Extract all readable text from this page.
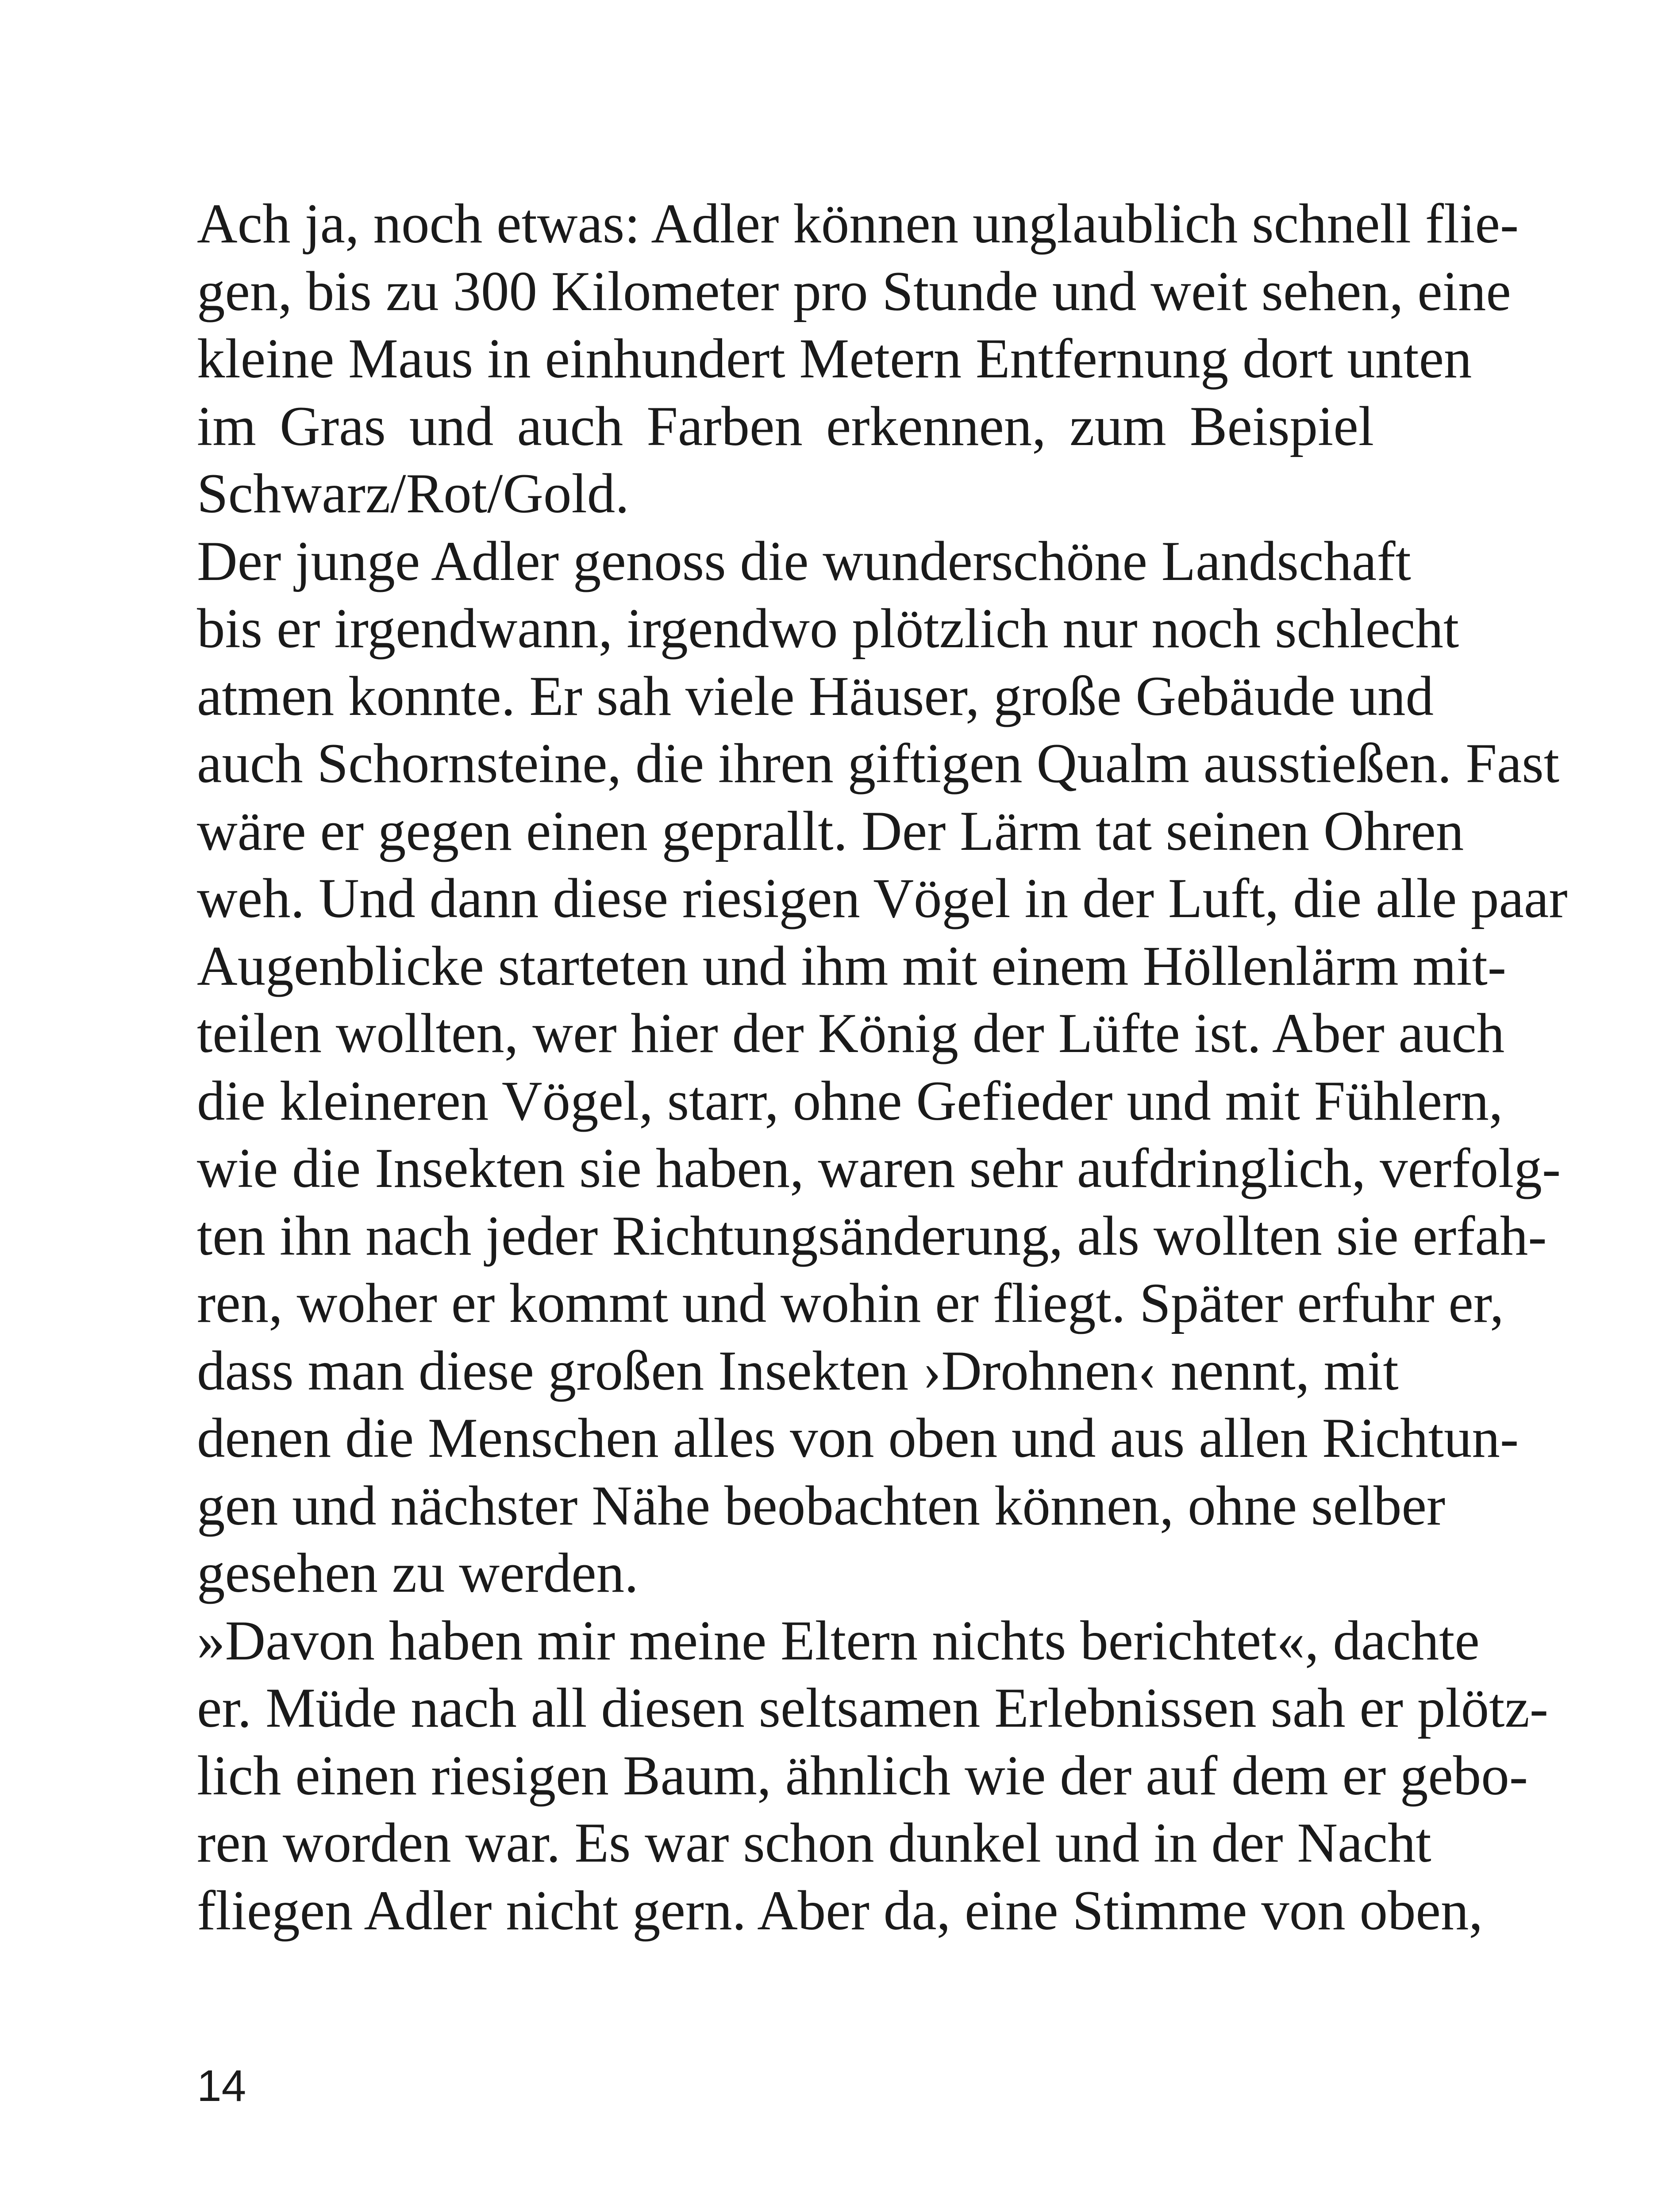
Ach ja, noch etwas: Adler können unglaublich schnell flie-
gen, bis zu 300 Kilometer pro Stunde und weit sehen, eine
kleine Maus in einhundert Metern Entfernung dort unten
im Gras und auch Farben erkennen, zum Beispiel
Schwarz/Rot/Gold.
Der junge Adler genoss die wunderschöne Landschaft
bis er irgendwann, irgendwo plötzlich nur noch schlecht
atmen konnte. Er sah viele Häuser, große Gebäude und
auch Schornsteine, die ihren giftigen Qualm ausstießen. Fast
wäre er gegen einen geprallt. Der Lärm tat seinen Ohren
weh. Und dann diese riesigen Vögel in der Luft, die alle paar
Augenblicke starteten und ihm mit einem Höllenlärm mit-
teilen wollten, wer hier der König der Lüfte ist. Aber auch
die kleineren Vögel, starr, ohne Gefieder und mit Fühlern,
wie die Insekten sie haben, waren sehr aufdringlich, verfolg-
ten ihn nach jeder Richtungsänderung, als wollten sie erfah-
ren, woher er kommt und wohin er fliegt. Später erfuhr er,
dass man diese großen Insekten ›Drohnen‹ nennt, mit
denen die Menschen alles von oben und aus allen Richtun-
gen und nächster Nähe beobachten können, ohne selber
gesehen zu werden.
»Davon haben mir meine Eltern nichts berichtet«, dachte
er. Müde nach all diesen seltsamen Erlebnissen sah er plötz-
lich einen riesigen Baum, ähnlich wie der auf dem er gebo-
ren worden war. Es war schon dunkel und in der Nacht
fliegen Adler nicht gern. Aber da, eine Stimme von oben,
14
